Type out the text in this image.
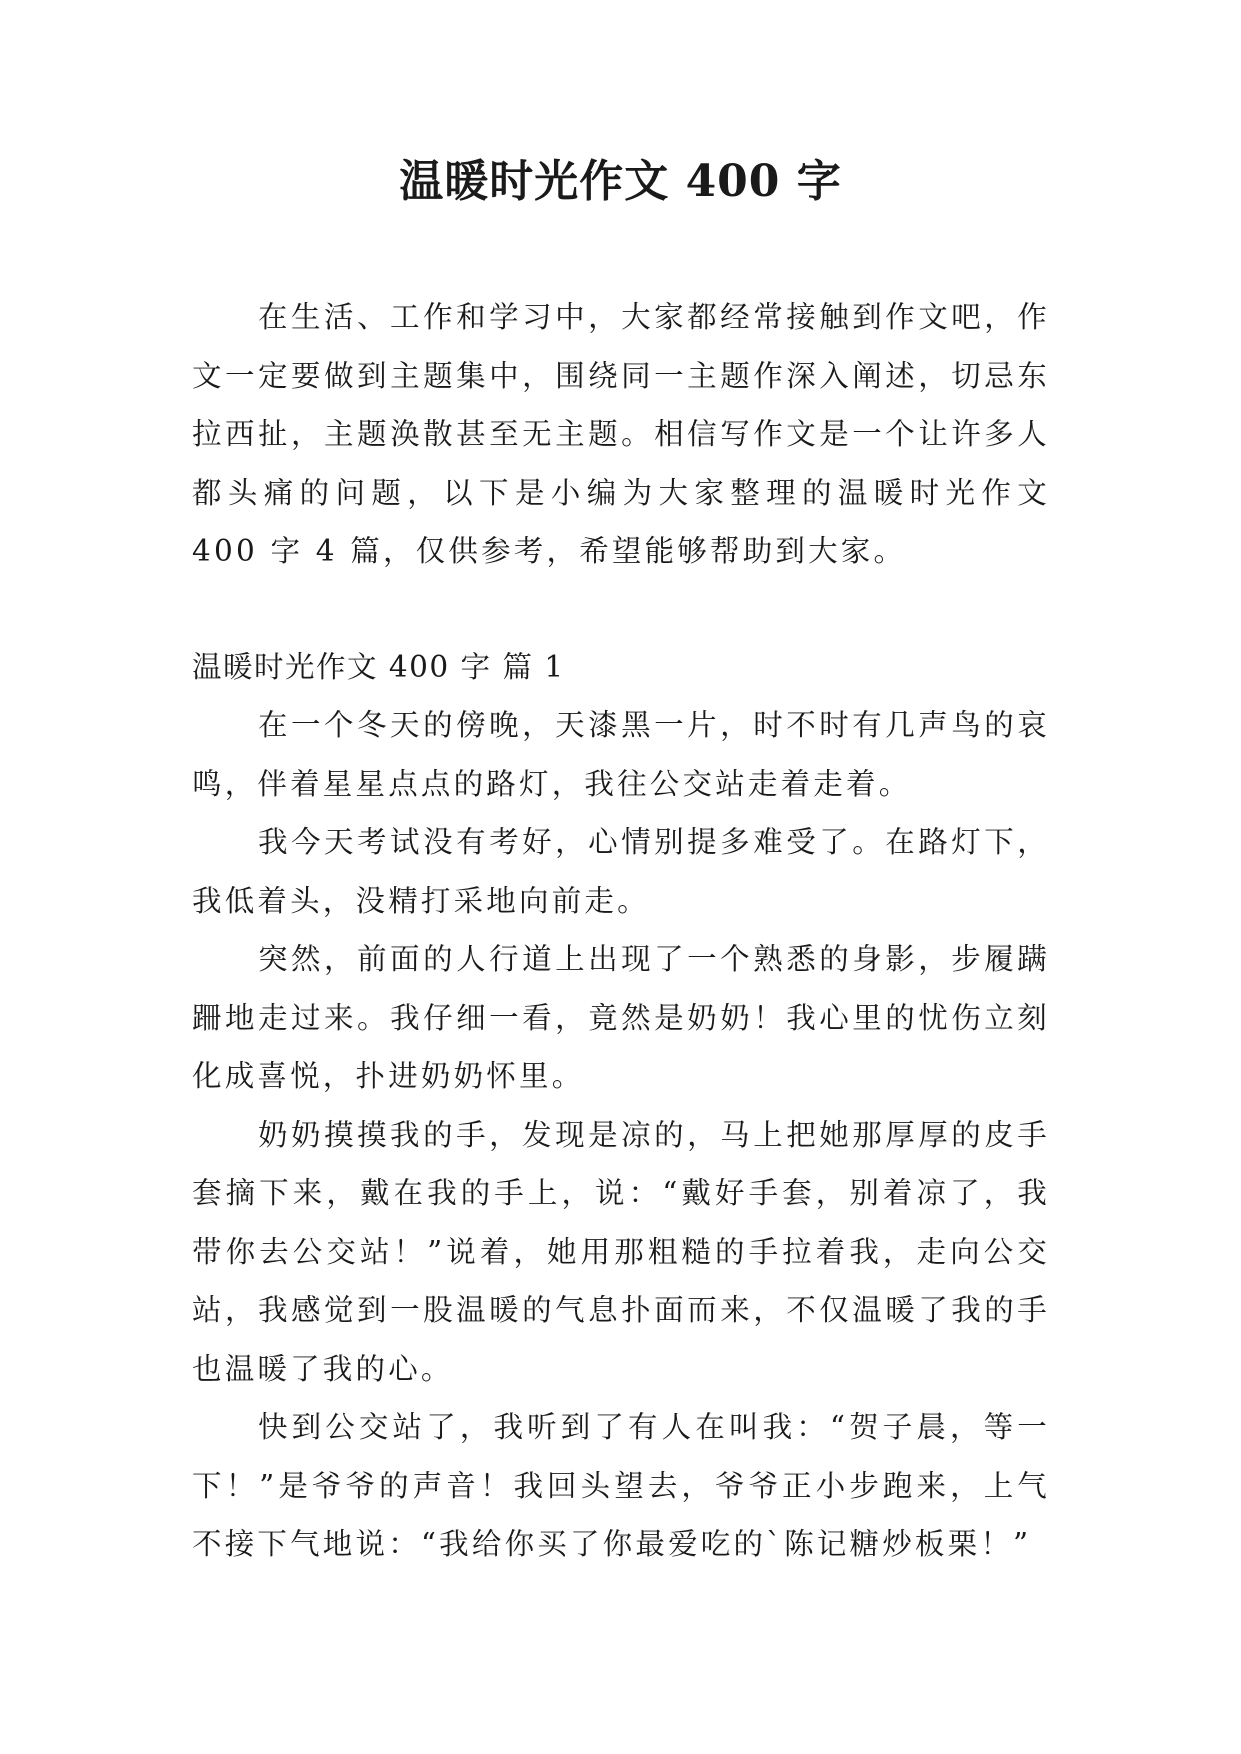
温暖时光作文 400 字

在生活、工作和学习中，大家都经常接触到作文吧，作文一定要做到主题集中，围绕同一主题作深入阐述，切忌东拉西扯，主题涣散甚至无主题。相信写作文是一个让许多人都头痛的问题，以下是小编为大家整理的温暖时光作文 400 字 4 篇，仅供参考，希望能够帮助到大家。

温暖时光作文 400 字 篇 1

在一个冬天的傍晚，天漆黑一片，时不时有几声鸟的哀鸣，伴着星星点点的路灯，我往公交站走着走着。

我今天考试没有考好，心情别提多难受了。在路灯下，我低着头，没精打采地向前走。

突然，前面的人行道上出现了一个熟悉的身影，步履蹒跚地走过来。我仔细一看，竟然是奶奶！我心里的忧伤立刻化成喜悦，扑进奶奶怀里。

奶奶摸摸我的手，发现是凉的，马上把她那厚厚的皮手套摘下来，戴在我的手上，说：“戴好手套，别着凉了，我带你去公交站！”说着，她用那粗糙的手拉着我，走向公交站，我感觉到一股温暖的气息扑面而来，不仅温暖了我的手也温暖了我的心。

快到公交站了，我听到了有人在叫我：“贺子晨，等一下！”是爷爷的声音！我回头望去，爷爷正小步跑来，上气不接下气地说：“我给你买了你最爱吃的`陈记糖炒板栗！”
